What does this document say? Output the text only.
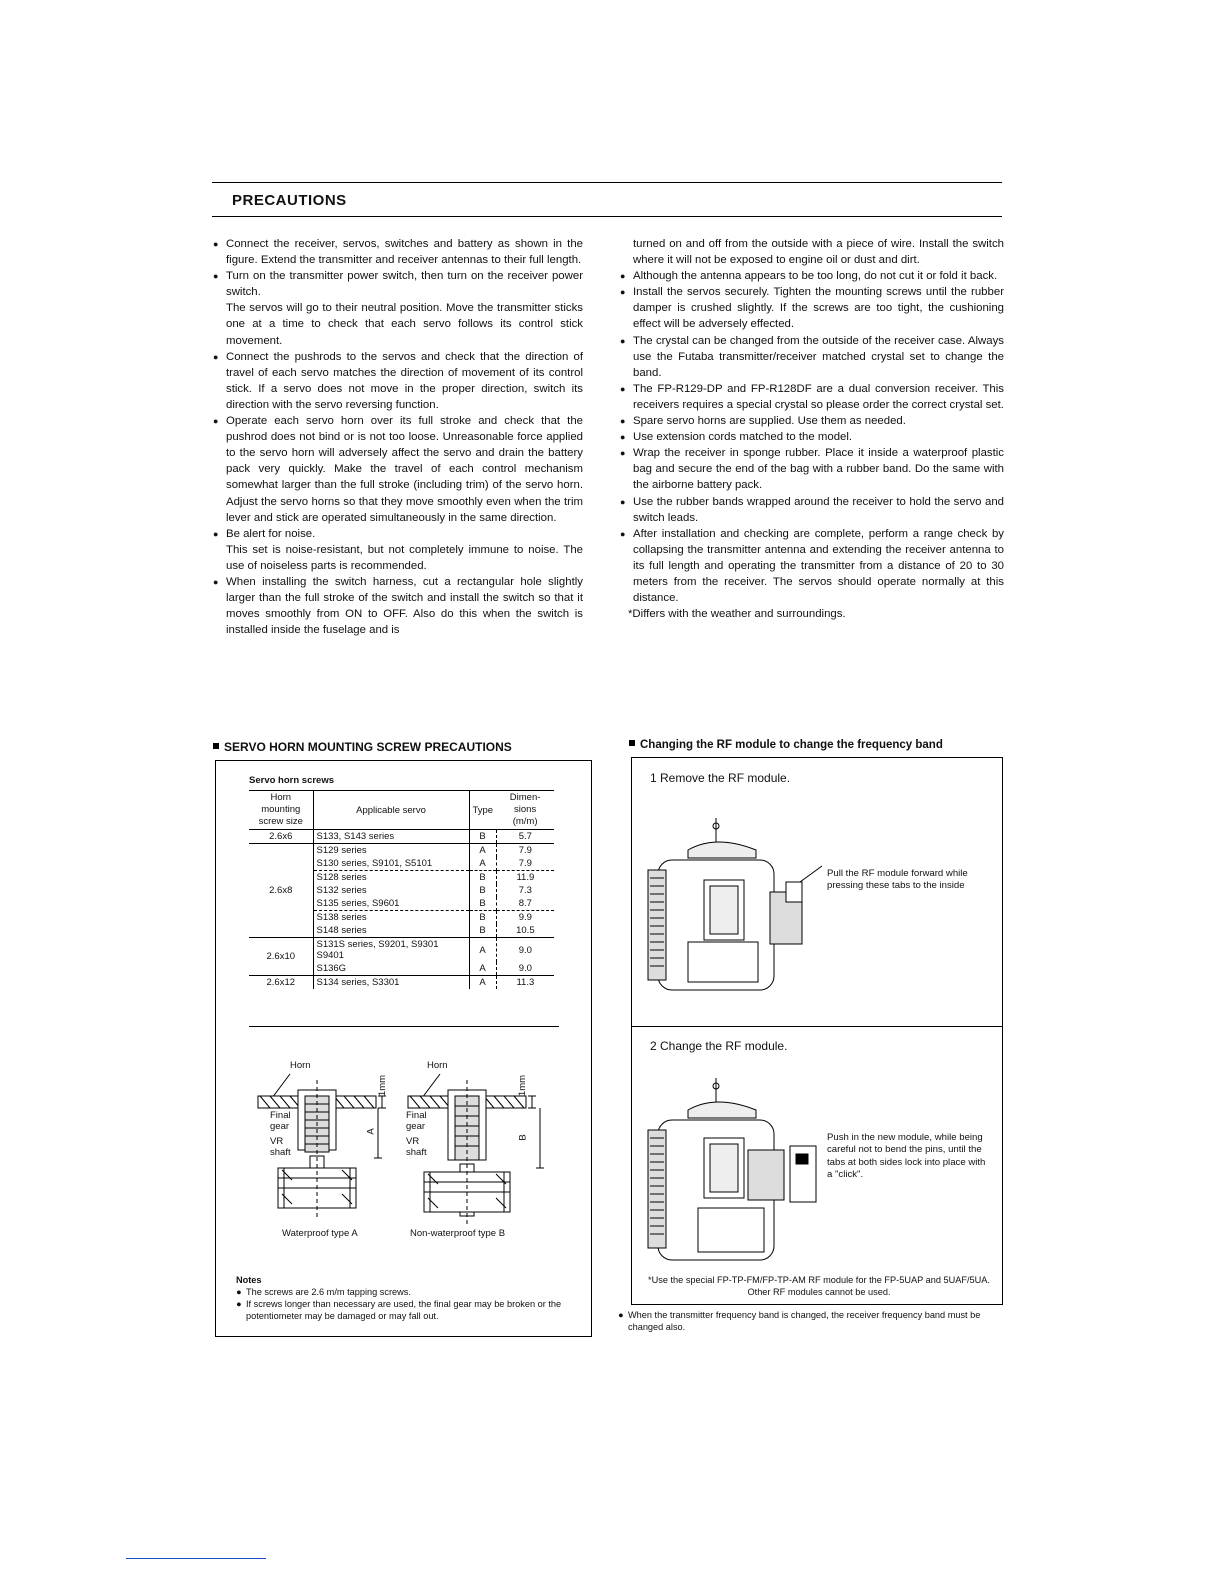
PRECAUTIONS

● Connect the receiver, servos, switches and battery as shown in the figure. Extend the transmitter and receiver antennas to their full length.

● Turn on the transmitter power switch, then turn on the receiver power switch.

The servos will go to their neutral position. Move the transmitter sticks one at a time to check that each servo follows its control stick movement.

● Connect the pushrods to the servos and check that the direction of travel of each servo matches the direction of movement of its control stick. If a servo does not move in the proper direction, switch its direction with the servo reversing function.

● Operate each servo horn over its full stroke and check that the pushrod does not bind or is not too loose. Unreasonable force applied to the servo horn will adversely affect the servo and drain the battery pack very quickly. Make the travel of each control mechanism somewhat larger than the full stroke (including trim) of the servo horn. Adjust the servo horns so that they move smoothly even when the trim lever and stick are operated simultaneously in the same direction.

● Be alert for noise.

This set is noise-resistant, but not completely immune to noise. The use of noiseless parts is recommended.

● When installing the switch harness, cut a rectangular hole slightly larger than the full stroke of the switch and install the switch so that it moves smoothly from ON to OFF. Also do this when the switch is installed inside the fuselage and is

turned on and off from the outside with a piece of wire. Install the switch where it will not be exposed to engine oil or dust and dirt.

● Although the antenna appears to be too long, do not cut it or fold it back.

● Install the servos securely. Tighten the mounting screws until the rubber damper is crushed slightly. If the screws are too tight, the cushioning effect will be adversely effected.

● The crystal can be changed from the outside of the receiver case. Always use the Futaba transmitter/receiver matched crystal set to change the band.

● The FP-R129-DP and FP-R128DF are a dual conversion receiver. This receivers requires a special crystal so please order the correct crystal set.

● Spare servo horns are supplied. Use them as needed.

● Use extension cords matched to the model.

● Wrap the receiver in sponge rubber. Place it inside a waterproof plastic bag and secure the end of the bag with a rubber band. Do the same with the airborne battery pack.

● Use the rubber bands wrapped around the receiver to hold the servo and switch leads.

● After installation and checking are complete, perform a range check by collapsing the transmitter antenna and extending the receiver antenna to its full length and operating the transmitter from a distance of 20 to 30 meters from the receiver. The servos should operate normally at this distance.

*Differs with the weather and surroundings.

SERVO HORN MOUNTING SCREW PRECAUTIONS
Servo horn screws
Horn
mounting
screw size	Applicable servo	Type	Dimen-
sions
(m/m)

2.6x6	S133, S143 series	B	5.7
2.6x8	S129 series	A	7.9
	S130 series, S9101, S5101	A	7.9
	S128 series	B	11.9
	S132 series	B	7.3
	S135 series, S9601	B	8.7
	S138 series	B	9.9
	S148 series	B	10.5
2.6x10	S131S series, S9201, S9301 S9401	A	9.0
	S136G	A	9.0
2.6x12	S134 series, S3301	A	11.3
Horn	Horn
Final
gear
Final
gear
VR
shaft
VR
shaft
1mm	1mm
A
B
Waterproof type A	Non-waterproof type B
Notes
● The screws are 2.6 m/m tapping screws.
● If screws longer than necessary are used, the final gear may be broken or the potentiometer may be damaged or may fall out.
Changing the RF module to change the frequency band
1 Remove the RF module.
Pull the RF module forward while pressing these tabs to the inside
2 Change the RF module.
Push in the new module, while being careful not to bend the pins, until the tabs at both sides lock into place with a "click".
*Use the special FP-TP-FM/FP-TP-AM RF module for the FP-5UAP and 5UAF/5UA. Other RF modules cannot be used.
● When the transmitter frequency band is changed, the receiver frequency band must be changed also.
